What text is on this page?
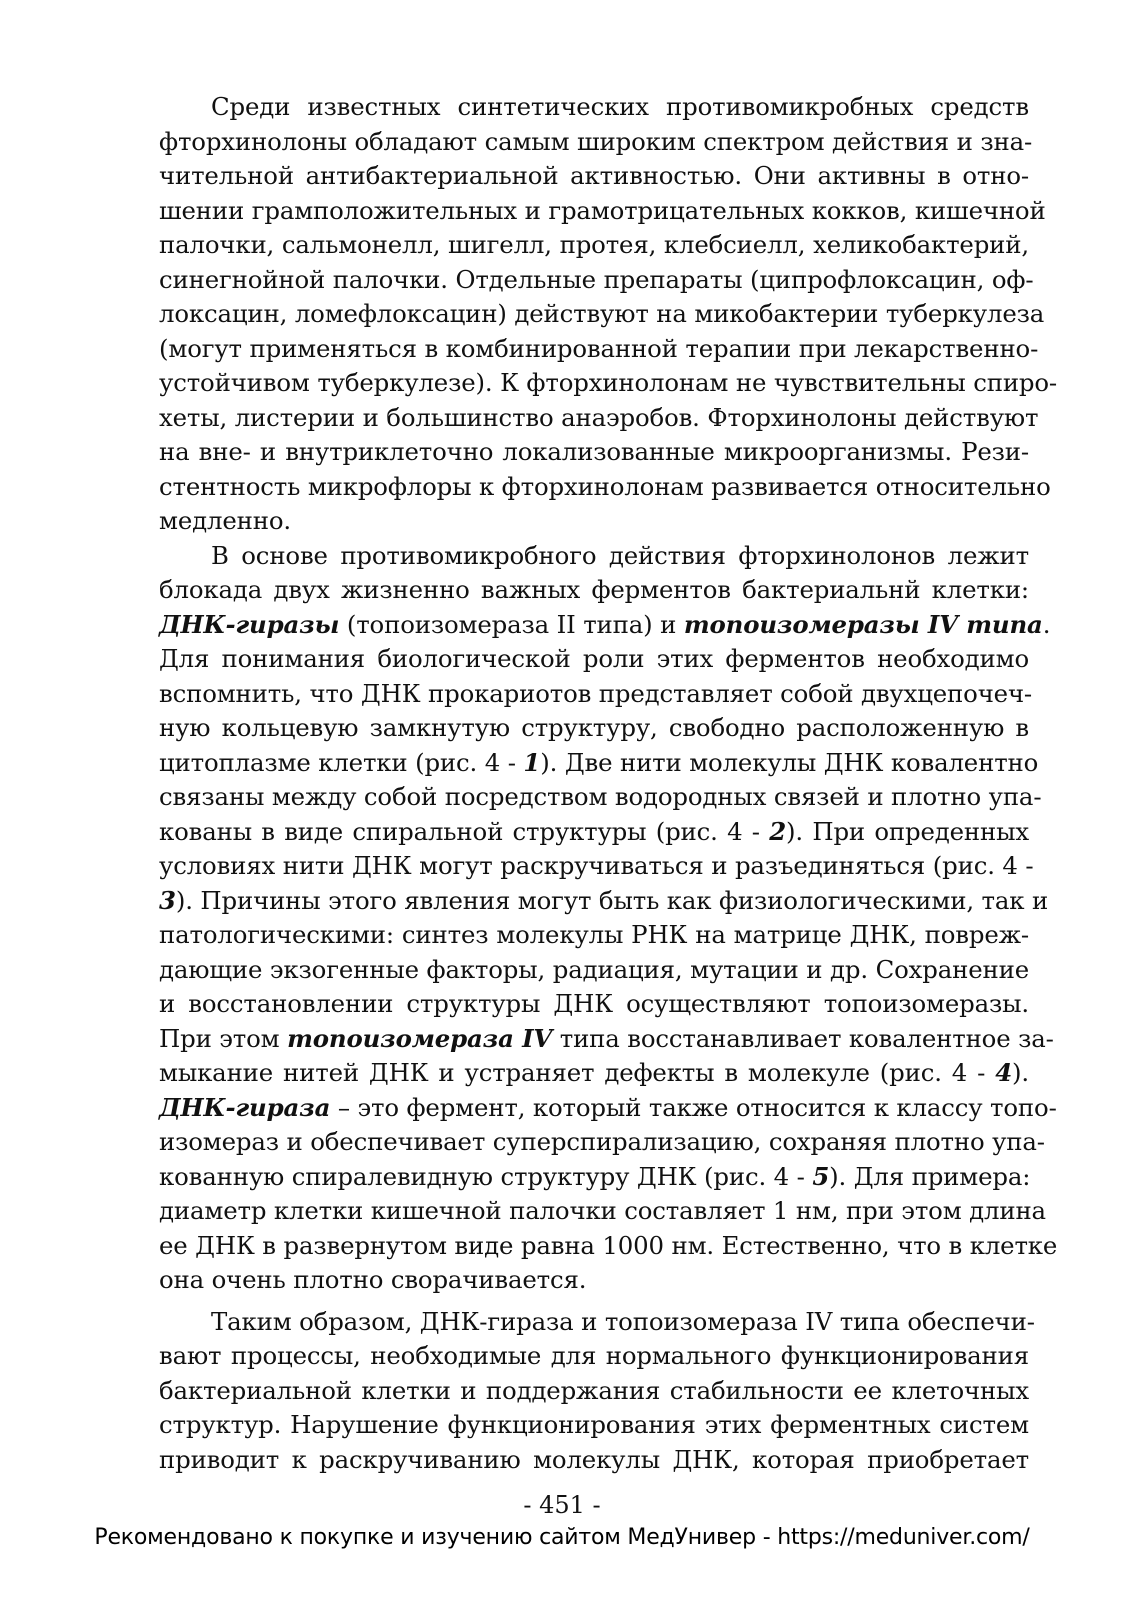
Среди известных синтетических противомикробных средств
фторхинолоны обладают самым широким спектром действия и зна-
чительной антибактериальной активностью. Они активны в отно-
шении грамположительных и грамотрицательных кокков, кишечной
палочки, сальмонелл, шигелл, протея, клебсиелл, хеликобактерий,
синегнойной палочки. Отдельные препараты (ципрофлоксацин, оф-
локсацин, ломефлоксацин) действуют на микобактерии туберкулеза
(могут применяться в комбинированной терапии при лекарственно-
устойчивом туберкулезе). К фторхинолонам не чувствительны спиро-
хеты, листерии и большинство анаэробов. Фторхинолоны действуют
на вне- и внутриклеточно локализованные микроорганизмы. Рези-
стентность микрофлоры к фторхинолонам развивается относительно
медленно.
В основе противомикробного действия фторхинолонов лежит
блокада двух жизненно важных ферментов бактериальнй клетки:
ДНК-гиразы (топоизомераза II типа) и топоизомеразы IV типа.
Для понимания биологической роли этих ферментов необходимо
вспомнить, что ДНК прокариотов представляет собой двухцепочеч-
ную кольцевую замкнутую структуру, свободно расположенную в
цитоплазме клетки (рис. 4 - 1). Две нити молекулы ДНК ковалентно
связаны между собой посредством водородных связей и плотно упа-
кованы в виде спиральной структуры (рис. 4 - 2). При опреденных
условиях нити ДНК могут раскручиваться и разъединяться (рис. 4 -
3). Причины этого явления могут быть как физиологическими, так и
патологическими: синтез молекулы РНК на матрице ДНК, повреж-
дающие экзогенные факторы, радиация, мутации и др. Сохранение
и восстановлении структуры ДНК осуществляют топоизомеразы.
При этом топоизомераза IV типа восстанавливает ковалентное за-
мыкание нитей ДНК и устраняет дефекты в молекуле (рис. 4 - 4).
ДНК-гираза – это фермент, который также относится к классу топо-
изомераз и обеспечивает суперспирализацию, сохраняя плотно упа-
кованную спиралевидную структуру ДНК (рис. 4 - 5). Для примера:
диаметр клетки кишечной палочки составляет 1 нм, при этом длина
ее ДНК в развернутом виде равна 1000 нм. Естественно, что в клетке
она очень плотно сворачивается.
Таким образом, ДНК-гираза и топоизомераза IV типа обеспечи-
вают процессы, необходимые для нормального функционирования
бактериальной клетки и поддержания стабильности ее клеточных
структур. Нарушение функционирования этих ферментных систем
приводит к раскручиванию молекулы ДНК, которая приобретает
- 451 -
Рекомендовано к покупке и изучению сайтом МедУнивер - https://meduniver.com/
